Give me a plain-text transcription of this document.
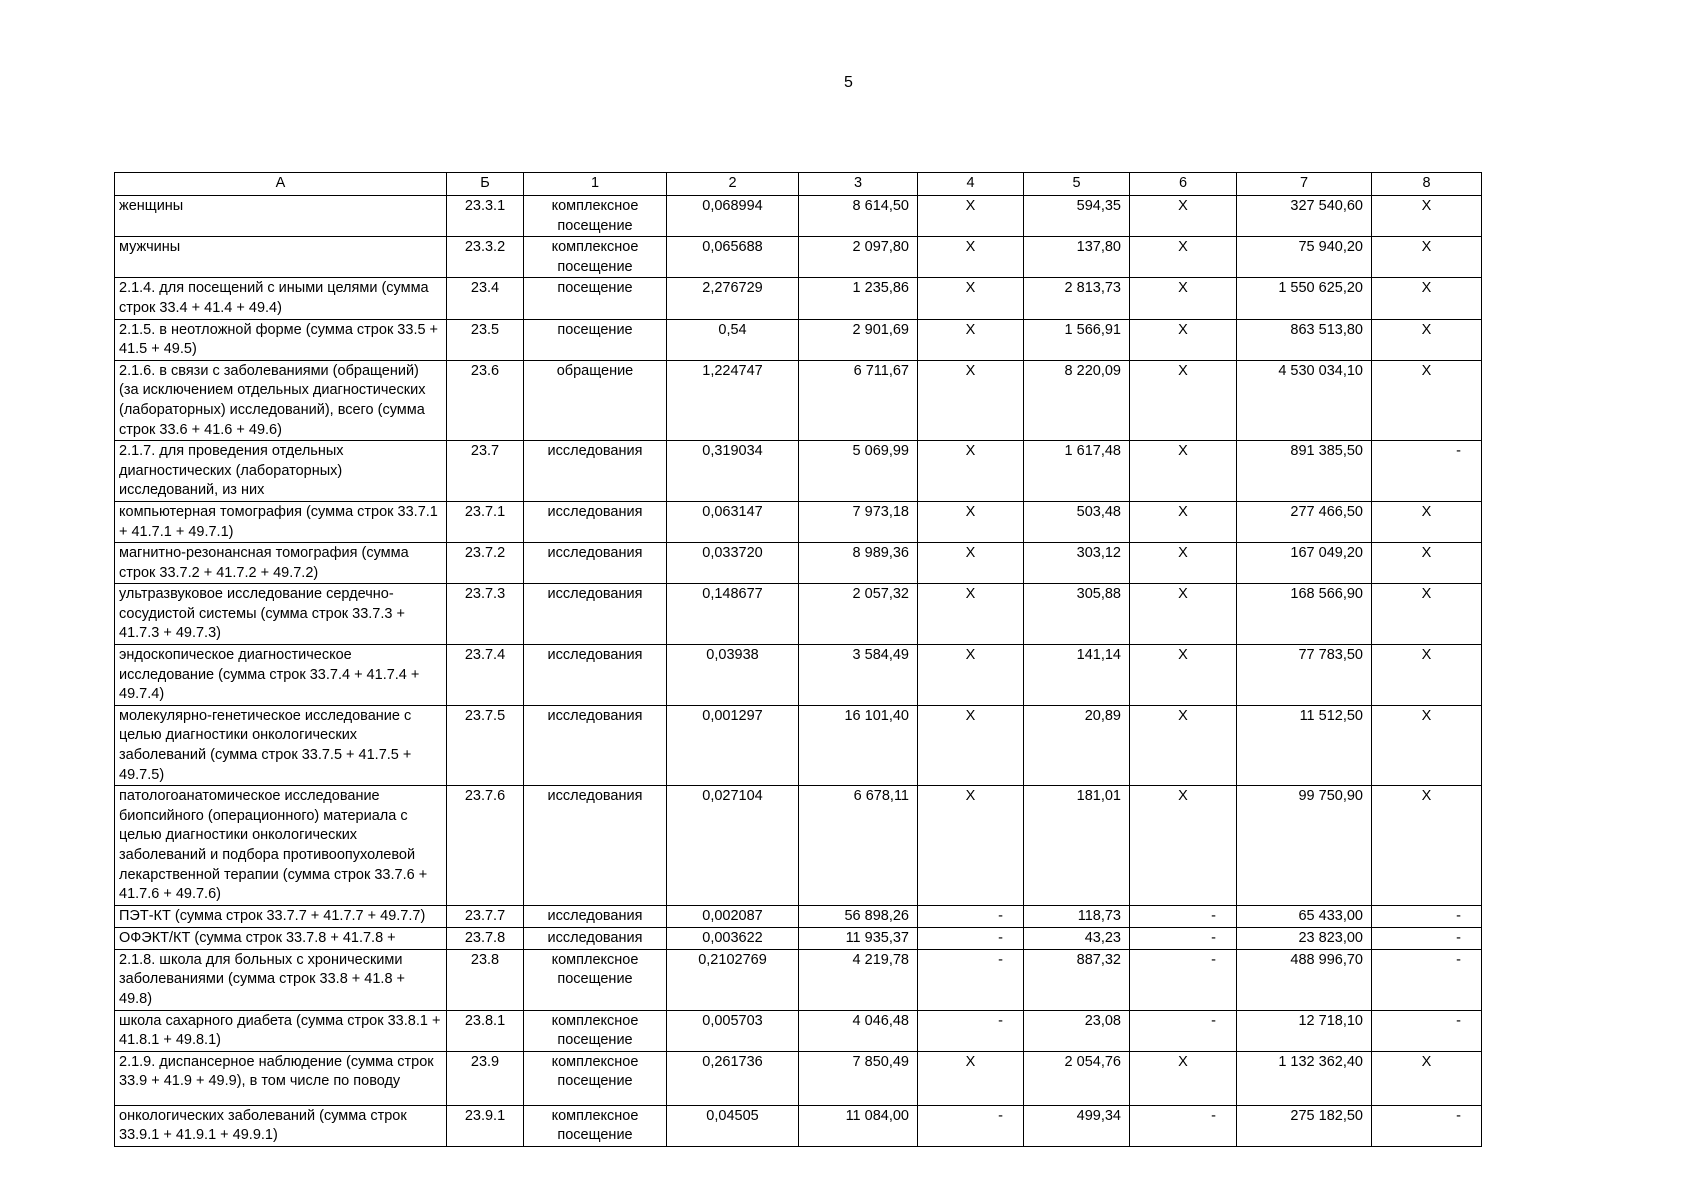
5
А	Б	1	2	3	4	5	6	7	8
женщины	23.3.1	комплексное посещение	0,068994	8 614,50	Х	594,35	Х	327 540,60	Х
мужчины	23.3.2	комплексное посещение	0,065688	2 097,80	Х	137,80	Х	75 940,20	Х
2.1.4. для посещений с иными целями (сумма строк 33.4 + 41.4 + 49.4)	23.4	посещение	2,276729	1 235,86	Х	2 813,73	Х	1 550 625,20	Х
2.1.5. в неотложной форме (сумма строк 33.5 + 41.5 + 49.5)	23.5	посещение	0,54	2 901,69	Х	1 566,91	Х	863 513,80	Х
2.1.6. в связи с заболеваниями (обращений) (за исключением отдельных диагностических (лабораторных) исследований), всего (сумма строк 33.6 + 41.6 + 49.6)	23.6	обращение	1,224747	6 711,67	Х	8 220,09	Х	4 530 034,10	Х
2.1.7. для проведения отдельных диагностических (лабораторных) исследований, из них	23.7	исследования	0,319034	5 069,99	Х	1 617,48	Х	891 385,50	-
компьютерная томография (сумма строк 33.7.1 + 41.7.1 + 49.7.1)	23.7.1	исследования	0,063147	7 973,18	Х	503,48	Х	277 466,50	Х
магнитно-резонансная томография (сумма строк 33.7.2 + 41.7.2 + 49.7.2)	23.7.2	исследования	0,033720	8 989,36	Х	303,12	Х	167 049,20	Х
ультразвуковое исследование сердечно-сосудистой системы (сумма строк 33.7.3 + 41.7.3 + 49.7.3)	23.7.3	исследования	0,148677	2 057,32	Х	305,88	Х	168 566,90	Х
эндоскопическое диагностическое исследование (сумма строк 33.7.4 + 41.7.4 + 49.7.4)	23.7.4	исследования	0,03938	3 584,49	Х	141,14	Х	77 783,50	Х
молекулярно-генетическое исследование с целью диагностики онкологических заболеваний (сумма строк 33.7.5 + 41.7.5 + 49.7.5)	23.7.5	исследования	0,001297	16 101,40	Х	20,89	Х	11 512,50	Х
патологоанатомическое исследование биопсийного (операционного) материала с целью диагностики онкологических заболеваний и подбора противоопухолевой лекарственной терапии (сумма строк 33.7.6 + 41.7.6 + 49.7.6)	23.7.6	исследования	0,027104	6 678,11	Х	181,01	Х	99 750,90	Х
ПЭТ-КТ (сумма строк 33.7.7 + 41.7.7 + 49.7.7)	23.7.7	исследования	0,002087	56 898,26	-	118,73	-	65 433,00	-
ОФЭКТ/КТ (сумма строк 33.7.8 + 41.7.8 +	23.7.8	исследования	0,003622	11 935,37	-	43,23	-	23 823,00	-
2.1.8. школа для больных с хроническими заболеваниями (сумма строк 33.8 + 41.8 + 49.8)	23.8	комплексное посещение	0,2102769	4 219,78	-	887,32	-	488 996,70	-
школа сахарного диабета (сумма строк 33.8.1 + 41.8.1 + 49.8.1)	23.8.1	комплексное посещение	0,005703	4 046,48	-	23,08	-	12 718,10	-
2.1.9. диспансерное наблюдение (сумма строк 33.9 + 41.9 + 49.9), в том числе по поводу	23.9	комплексное посещение	0,261736	7 850,49	Х	2 054,76	Х	1 132 362,40	Х
онкологических заболеваний (сумма строк 33.9.1 + 41.9.1 + 49.9.1)	23.9.1	комплексное посещение	0,04505	11 084,00	-	499,34	-	275 182,50	-
